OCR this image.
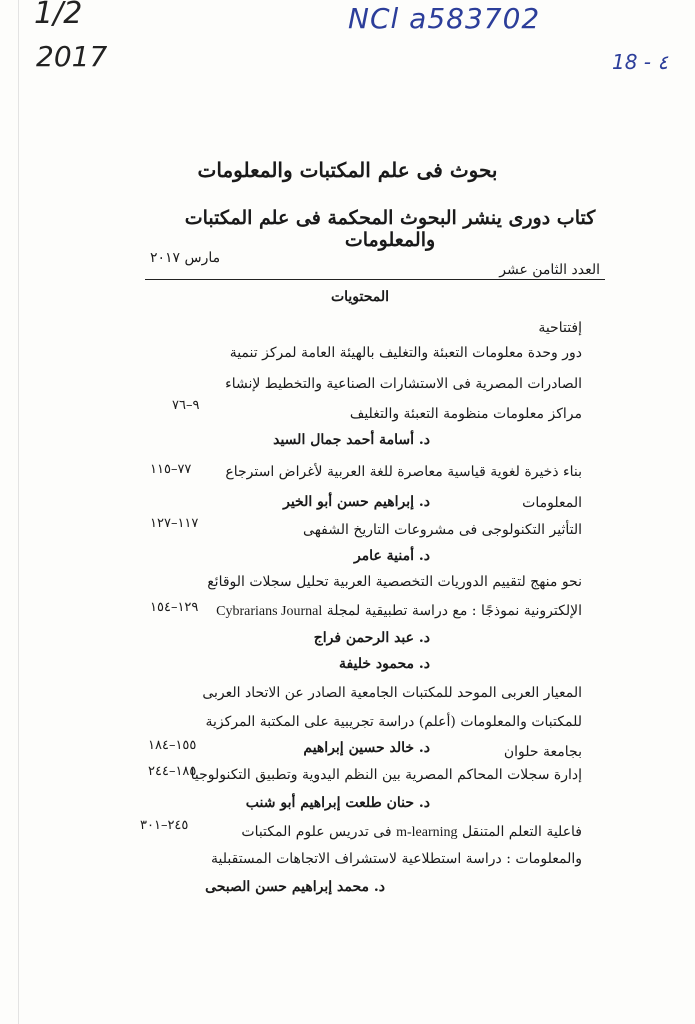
1/2
2017
NCl a583702
18 - ٤
بحوث فى علم المكتبات والمعلومات
كتاب دورى ينشر البحوث المحكمة فى علم المكتبات والمعلومات
العدد الثامن عشر
مارس ٢٠١٧
المحتويات
إفتتاحية
دور وحدة معلومات التعبئة والتغليف بالهيئة العامة لمركز تنمية
الصادرات المصرية فى الاستشارات الصناعية والتخطيط لإنشاء
مراكز معلومات منظومة التعبئة والتغليف
٩–٧٦
د. أسامة أحمد جمال السيد
بناء ذخيرة لغوية قياسية معاصرة للغة العربية لأغراض استرجاع
٧٧–١١٥
المعلومات
د. إبراهيم حسن أبو الخير
التأثير التكنولوجى فى مشروعات التاريخ الشفهى
١١٧–١٢٧
د. أمنية عامر
نحو منهج لتقييم الدوريات التخصصية العربية تحليل سجلات الوقائع
الإلكترونية نموذجًا : مع دراسة تطبيقية لمجلة Cybrarians Journal
١٢٩–١٥٤
د. عبد الرحمن فراج
د. محمود خليفة
المعيار العربى الموحد للمكتبات الجامعية الصادر عن الاتحاد العربى
للمكتبات والمعلومات (أعلم) دراسة تجريبية على المكتبة المركزية
بجامعة حلوان
د. خالد حسين إبراهيم
١٥٥–١٨٤
إدارة سجلات المحاكم المصرية بين النظم اليدوية وتطبيق التكنولوجيا
١٨٥–٢٤٤
د. حنان طلعت إبراهيم أبو شنب
فاعلية التعلم المتنقل m-learning فى تدريس علوم المكتبات
٢٤٥–٣٠١
والمعلومات : دراسة استطلاعية لاستشراف الاتجاهات المستقبلية
د. محمد إبراهيم حسن الصبحى
